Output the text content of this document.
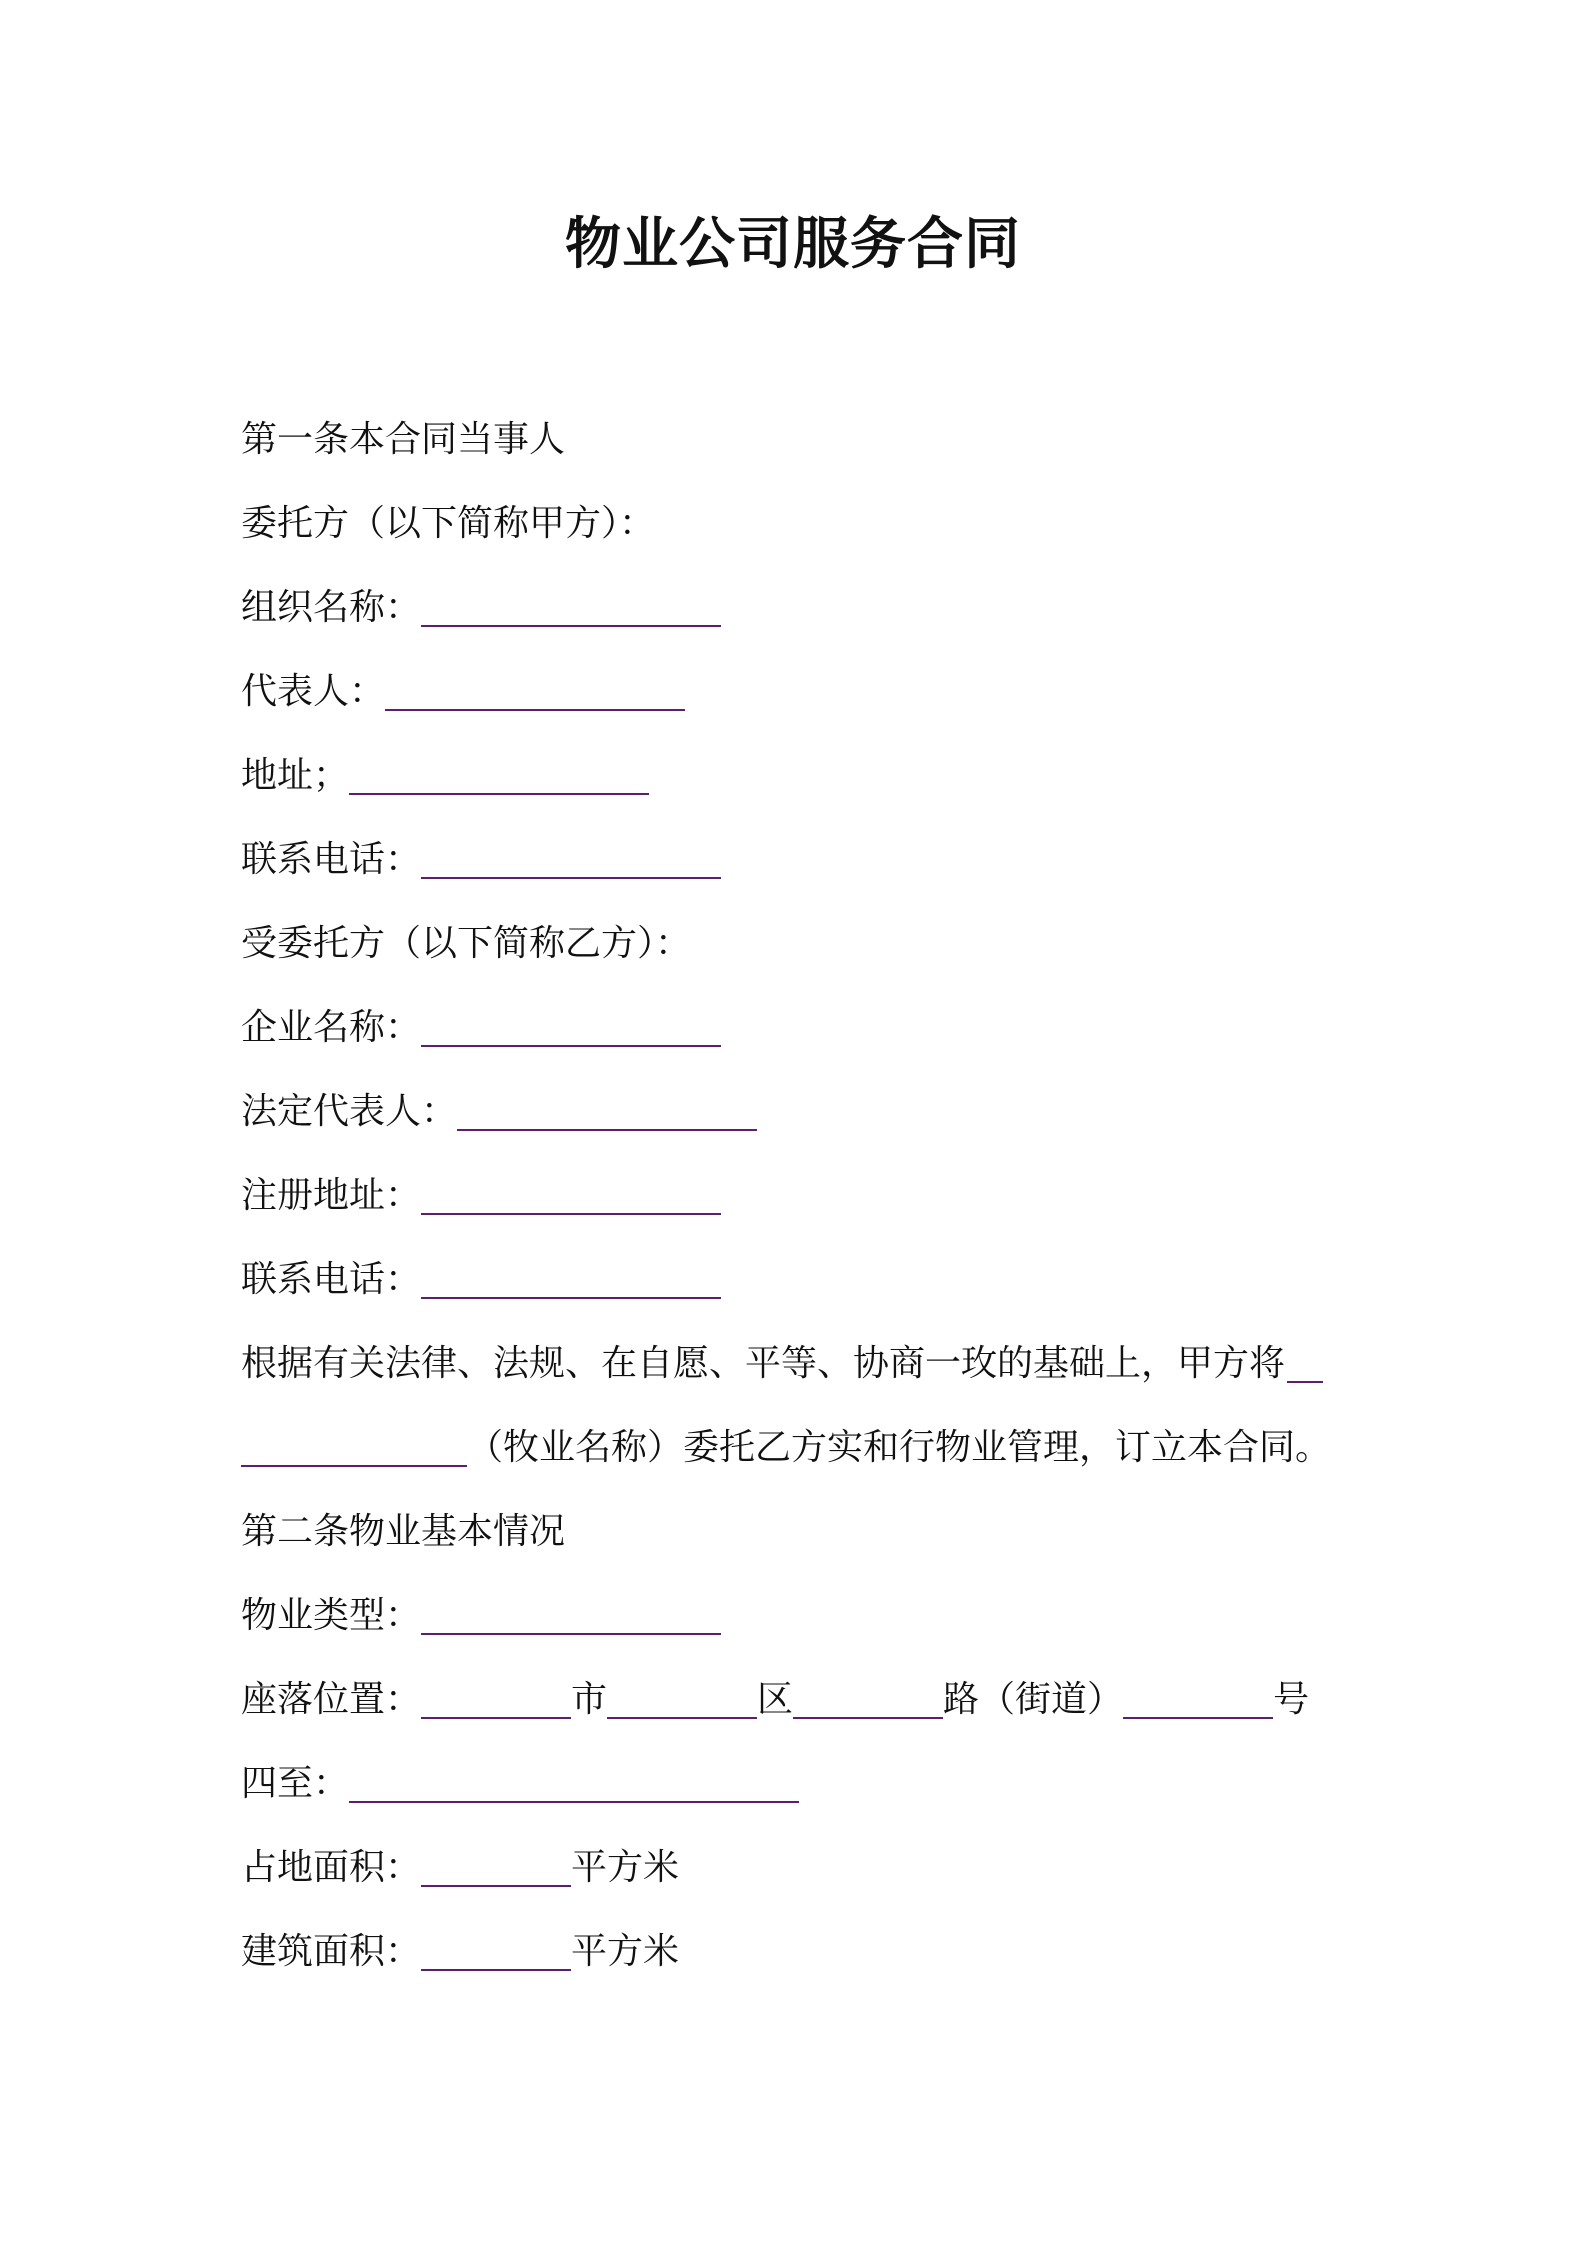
物业公司服务合同
第一条本合同当事人
委托方（以下简称甲方）：
组织名称：
代表人：
地址；
联系电话：
受委托方（以下简称乙方）：
企业名称：
法定代表人：
注册地址：
联系电话：
根据有关法律、法规、在自愿、平等、协商一玫的基础上，甲方将
（牧业名称）委托乙方实和行物业管理，订立本合同。
第二条物业基本情况
物业类型：
座落位置：	市	区	路（街道）	号
四至：
占地面积：	平方米
建筑面积：	平方米
